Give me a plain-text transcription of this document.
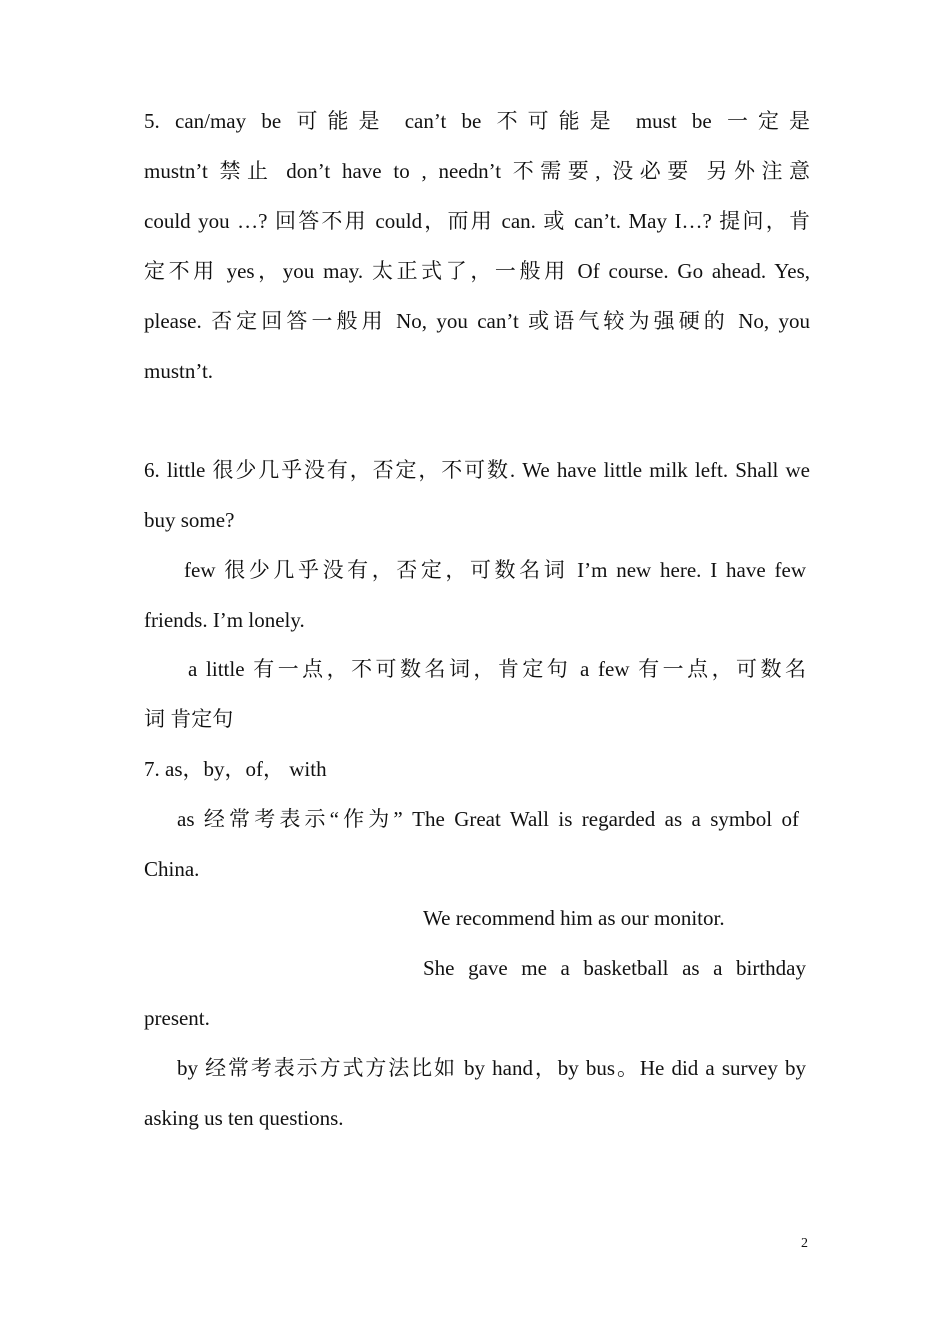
5. can/may be 可能是 can’t be 不可能是 must be 一定是
mustn’t 禁止 don’t have to , needn’t 不需要, 没必要 另外注意
could you …? 回答不用 could，而用 can. 或 can’t. May I…? 提问，肯
定不用 yes，you may. 太正式了，一般用 Of course. Go ahead. Yes,
please. 否定回答一般用 No, you can’t 或语气较为强硬的 No, you
mustn’t.
6. little 很少几乎没有，否定，不可数. We have little milk left. Shall we
buy some?
few 很少几乎没有，否定，可数名词 I’m new here. I have few
friends. I’m lonely.
a little 有一点，不可数名词，肯定句 a few 有一点，可数名
词 肯定句
7. as，by，of， with
as 经常考表示“作为” The Great Wall is regarded as a symbol of
China.
We recommend him as our monitor.
She gave me a basketball as a birthday
present.
by 经常考表示方式方法比如 by hand，by bus。He did a survey by
asking us ten questions.
2
